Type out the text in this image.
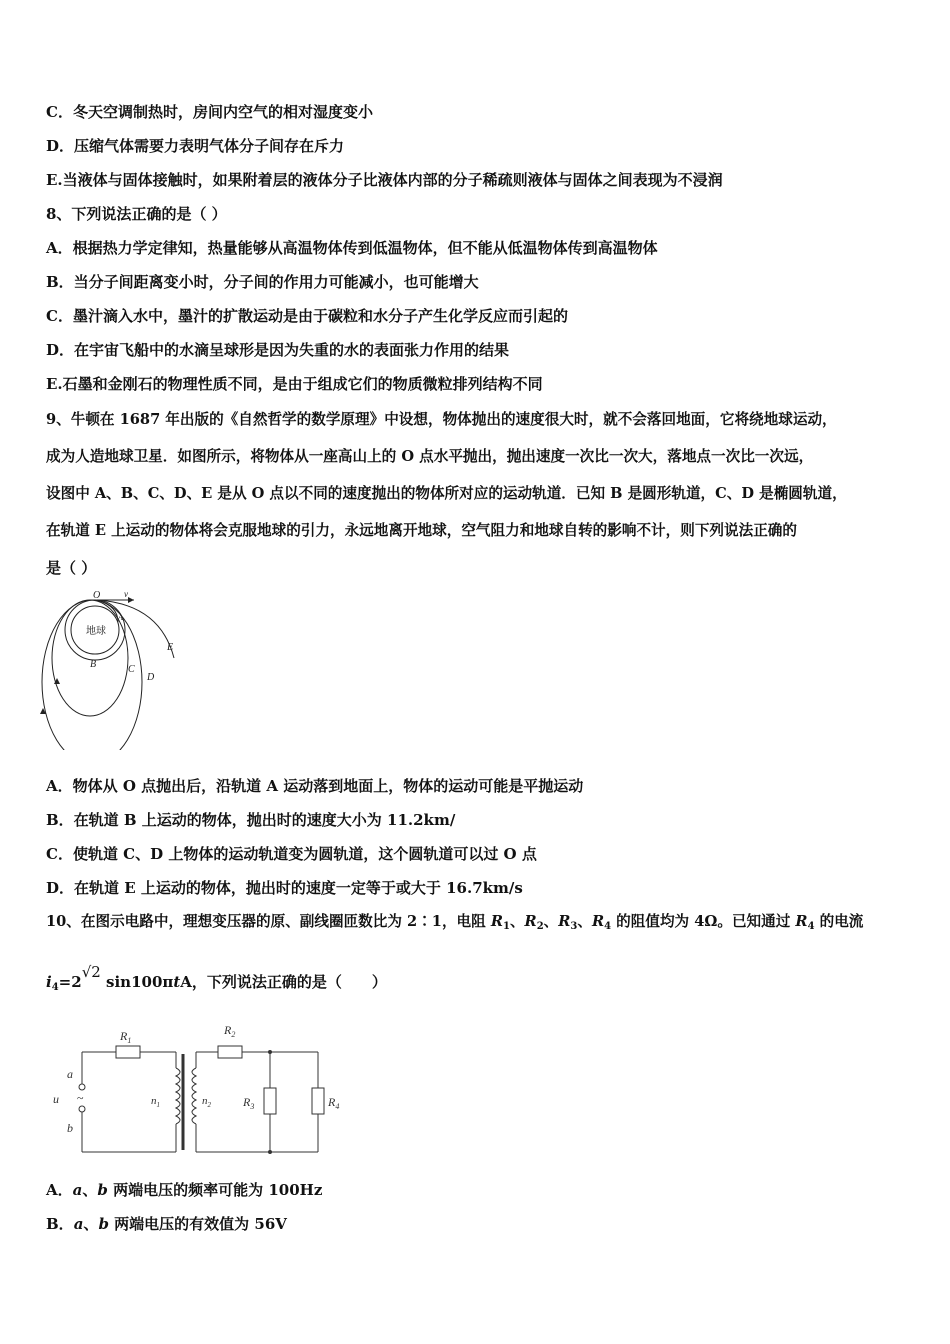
C．冬天空调制热时，房间内空气的相对湿度变小
D．压缩气体需要力表明气体分子间存在斥力
E.当液体与固体接触时，如果附着层的液体分子比液体内部的分子稀疏则液体与固体之间表现为不浸润
8、下列说法正确的是（ ）
A．根据热力学定律知，热量能够从高温物体传到低温物体，但不能从低温物体传到高温物体
B．当分子间距离变小时，分子间的作用力可能减小，也可能增大
C．墨汁滴入水中，墨汁的扩散运动是由于碳粒和水分子产生化学反应而引起的
D．在宇宙飞船中的水滴呈球形是因为失重的水的表面张力作用的结果
E.石墨和金刚石的物理性质不同，是由于组成它们的物质微粒排列结构不同
9、牛顿在 1687 年出版的《自然哲学的数学原理》中设想，物体抛出的速度很大时，就不会落回地面，它将绕地球运动，
成为人造地球卫星．如图所示，将物体从一座高山上的 O 点水平抛出，抛出速度一次比一次大，落地点一次比一次远，
设图中 A、B、C、D、E 是从 O 点以不同的速度抛出的物体所对应的运动轨道．已知 B 是圆形轨道，C、D 是椭圆轨道，
在轨道 E 上运动的物体将会克服地球的引力，永远地离开地球，空气阻力和地球自转的影响不计，则下列说法正确的
是（ ）
地球
O	v
A
B	C
D
E
A．物体从 O 点抛出后，沿轨道 A 运动落到地面上，物体的运动可能是平抛运动
B．在轨道 B 上运动的物体，抛出时的速度大小为 11.2km/
C．使轨道 C、D 上物体的运动轨道变为圆轨道，这个圆轨道可以过 O 点
D．在轨道 E 上运动的物体，抛出时的速度一定等于或大于 16.7km/s
10、在图示电路中，理想变压器的原、副线圈匝数比为 2∶1，电阻 $R_1$、$R_2$、$R_3$、$R_4$ 的阻值均为 4Ω。已知通过 $R_4$ 的电流
$i_4=2√2$ sin100πtA，下列说法正确的是（　　）
a
u
b
$R_1$
$R_2$
$R_3$	$R_4$
$n_1$	$n_2$
~
A．a、b 两端电压的频率可能为 100Hz
B．a、b 两端电压的有效值为 56V
